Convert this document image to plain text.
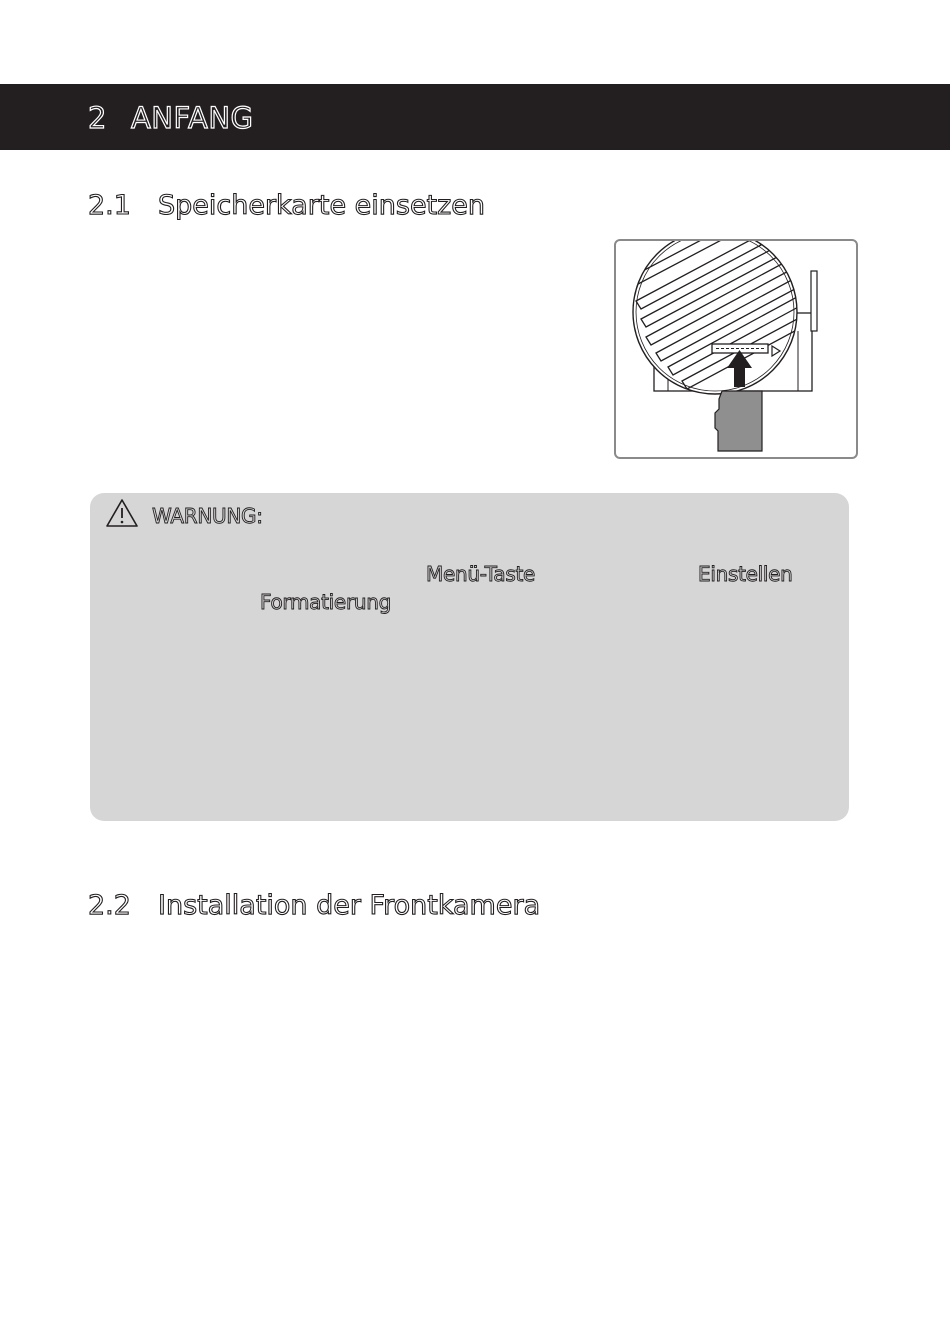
2 ANFANG
2.1 Speicherkarte einsetzen
WARNUNG:
Menü-Taste	Einstellen
Formatierung
2.2 Installation der Frontkamera
